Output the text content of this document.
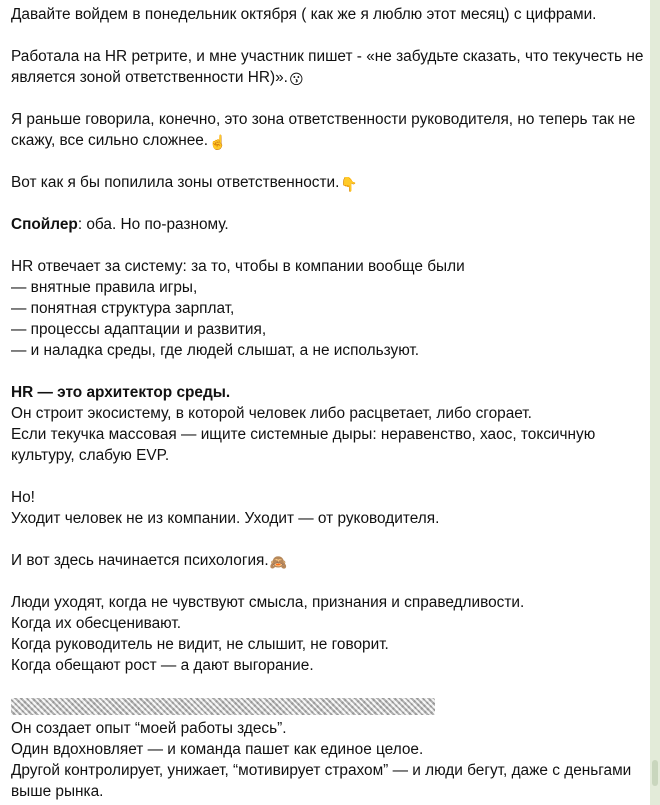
Давайте войдем в понедельник октября ( как же я люблю этот месяц) с цифрами.

Работала на HR ретрите, и мне участник пишет - «не забудьте сказать, что текучесть не является зоной ответственности HR)».😗

Я раньше говорила, конечно, это зона ответственности руководителя, но теперь так не скажу, все сильно сложнее.☝️

Вот как я бы попилила зоны ответственности.👇

Спойлер: оба. Но по-разному.

HR отвечает за систему: за то, чтобы в компании вообще были

— внятные правила игры,

— понятная структура зарплат,

— процессы адаптации и развития,

— и наладка среды, где людей слышат, а не используют.

HR — это архитектор среды.

Он строит экосистему, в которой человек либо расцветает, либо сгорает.

Если текучка массовая — ищите системные дыры: неравенство, хаос, токсичную культуру, слабую EVP.

Но!

Уходит человек не из компании. Уходит — от руководителя.

И вот здесь начинается психология.🙈

Люди уходят, когда не чувствуют смысла, признания и справедливости.

Когда их обесценивают.

Когда руководитель не видит, не слышит, не говорит.

Когда обещают рост — а дают выгорание.

Он создает опыт “моей работы здесь”.

Один вдохновляет — и команда пашет как единое целое.

Другой контролирует, унижает, “мотивирует страхом” — и люди бегут, даже с деньгами выше рынка.
